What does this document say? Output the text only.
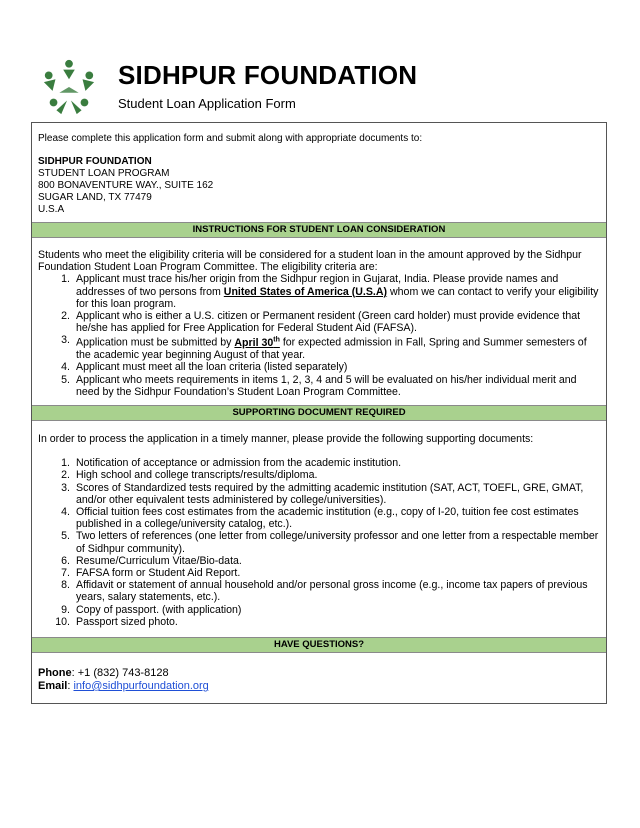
SIDHPUR FOUNDATION
Student Loan Application Form

Please complete this application form and submit along with appropriate documents to:

SIDHPUR FOUNDATION

STUDENT LOAN PROGRAM

800 BONAVENTURE WAY., SUITE 162

SUGAR LAND, TX 77479

U.S.A

INSTRUCTIONS FOR STUDENT LOAN CONSIDERATION
Students who meet the eligibility criteria will be considered for a student loan in the amount approved by the Sidhpur Foundation Student Loan Program Committee. The eligibility criteria are:
1. Applicant must trace his/her origin from the Sidhpur region in Gujarat, India. Please provide names and addresses of two persons from United States of America (U.S.A) whom we can contact to verify your eligibility for this loan program.
2. Applicant who is either a U.S. citizen or Permanent resident (Green card holder) must provide evidence that he/she has applied for Free Application for Federal Student Aid (FAFSA).
3. Application must be submitted by April 30th for expected admission in Fall, Spring and Summer semesters of the academic year beginning August of that year.
4. Applicant must meet all the loan criteria (listed separately)
5. Applicant who meets requirements in items 1, 2, 3, 4 and 5 will be evaluated on his/her individual merit and need by the Sidhpur Foundation’s Student Loan Program Committee.
SUPPORTING DOCUMENT REQUIRED
In order to process the application in a timely manner, please provide the following supporting documents:
1. Notification of acceptance or admission from the academic institution.
2. High school and college transcripts/results/diploma.
3. Scores of Standardized tests required by the admitting academic institution (SAT, ACT, TOEFL, GRE, GMAT, and/or other equivalent tests administered by college/universities).
4. Official tuition fees cost estimates from the academic institution (e.g., copy of I-20, tuition fee cost estimates published in a college/university catalog, etc.).
5. Two letters of references (one letter from college/university professor and one letter from a respectable member of Sidhpur community).
6. Resume/Curriculum Vitae/Bio-data.
7. FAFSA form or Student Aid Report.
8. Affidavit or statement of annual household and/or personal gross income (e.g., income tax papers of previous years, salary statements, etc.).
9. Copy of passport. (with application)
10. Passport sized photo.
HAVE QUESTIONS?
Phone: +1 (832) 743-8128
Email: info@sidhpurfoundation.org
